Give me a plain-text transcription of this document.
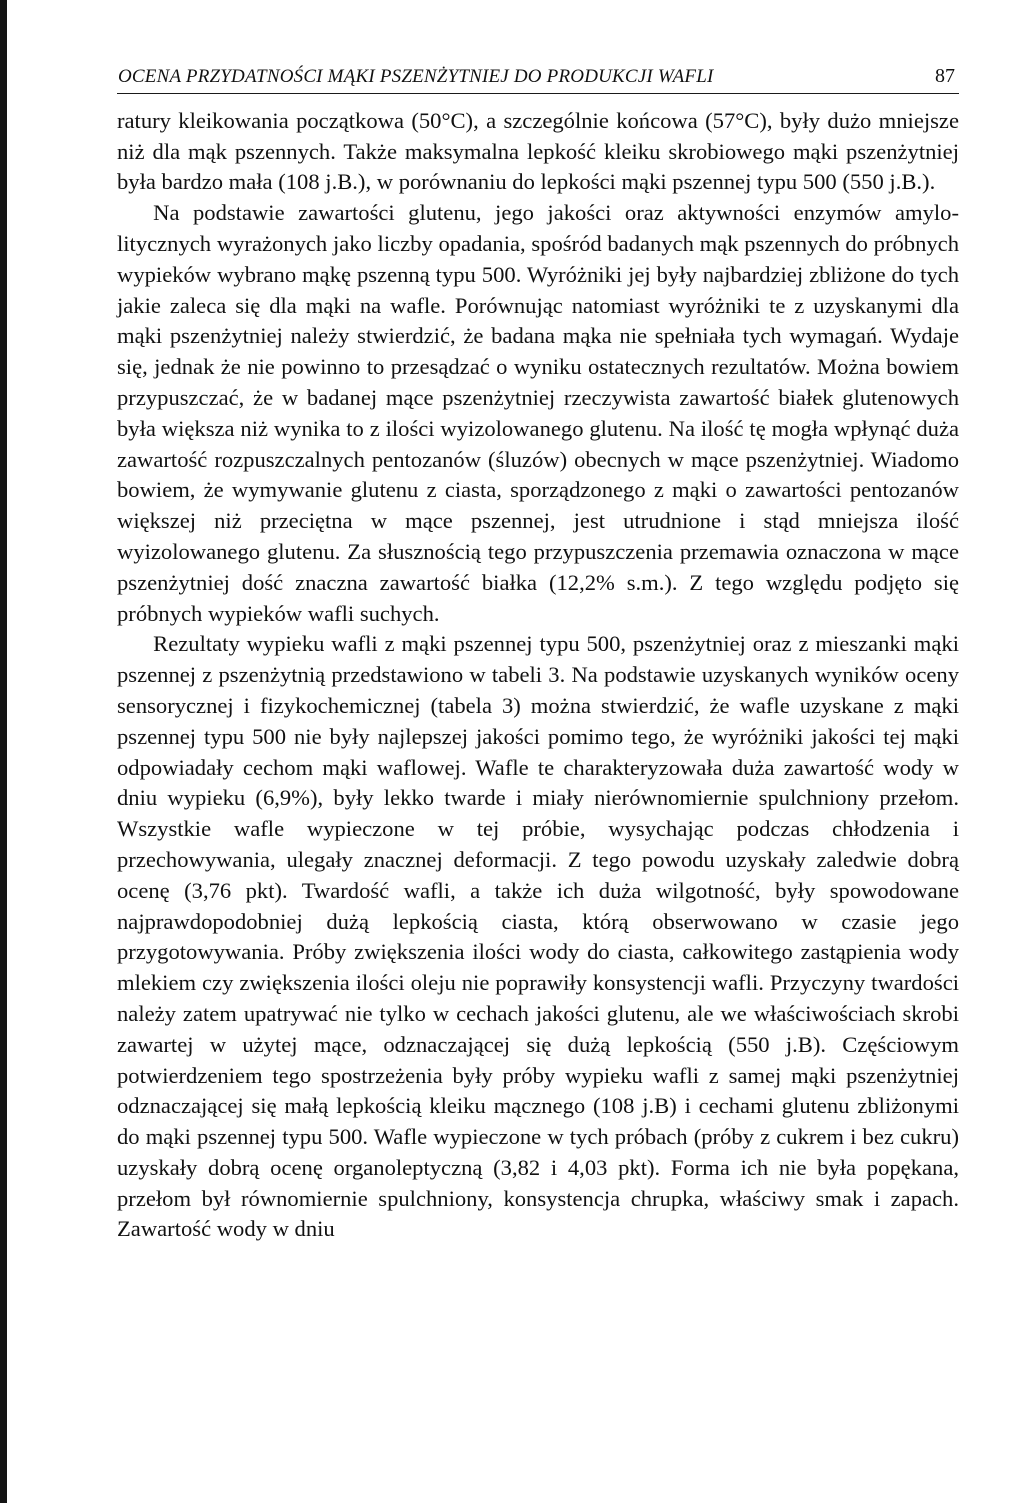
OCENA PRZYDATNOŚCI MĄKI PSZENŻYTNIEJ DO PRODUKCJI WAFLI	87

ratury kleikowania początkowa (50°C), a szczególnie końcowa (57°C), były dużo mniejsze niż dla mąk pszennych. Także maksymalna lepkość kleiku skrobiowego mąki pszenżytniej była bardzo mała (108 j.B.), w porównaniu do lepkości mąki pszennej typu 500 (550 j.B.).

Na podstawie zawartości glutenu, jego jakości oraz aktywności enzymów amylolitycznych wyrażonych jako liczby opadania, spośród badanych mąk pszennych do próbnych wypieków wybrano mąkę pszenną typu 500. Wyróżniki jej były najbardziej zbliżone do tych jakie zaleca się dla mąki na wafle. Porównując natomiast wyróżniki te z uzyskanymi dla mąki pszenżytniej należy stwierdzić, że badana mąka nie spełniała tych wymagań. Wydaje się, jednak że nie powinno to przesądzać o wyniku ostatecznych rezultatów. Można bowiem przypuszczać, że w badanej mące pszenżytniej rzeczywista zawartość białek glutenowych była większa niż wynika to z ilości wyizolowanego glutenu. Na ilość tę mogła wpłynąć duża zawartość rozpuszczalnych pentozanów (śluzów) obecnych w mące pszenżytniej. Wiadomo bowiem, że wymywanie glutenu z ciasta, sporządzonego z mąki o zawartości pentozanów większej niż przeciętna w mące pszennej, jest utrudnione i stąd mniejsza ilość wyizolowanego glutenu. Za słusznością tego przypuszczenia przemawia oznaczona w mące pszenżytniej dość znaczna zawartość białka (12,2% s.m.). Z tego względu podjęto się próbnych wypieków wafli suchych.

Rezultaty wypieku wafli z mąki pszennej typu 500, pszenżytniej oraz z mieszanki mąki pszennej z pszenżytnią przedstawiono w tabeli 3. Na podstawie uzyskanych wyników oceny sensorycznej i fizykochemicznej (tabela 3) można stwierdzić, że wafle uzyskane z mąki pszennej typu 500 nie były najlepszej jakości pomimo tego, że wyróżniki jakości tej mąki odpowiadały cechom mąki waflowej. Wafle te charakteryzowała duża zawartość wody w dniu wypieku (6,9%), były lekko twarde i miały nierównomiernie spulchniony przełom. Wszystkie wafle wypieczone w tej próbie, wysychając podczas chłodzenia i przechowywania, ulegały znacznej deformacji. Z tego powodu uzyskały zaledwie dobrą ocenę (3,76 pkt). Twardość wafli, a także ich duża wilgotność, były spowodowane najprawdopodobniej dużą lepkością ciasta, którą obserwowano w czasie jego przygotowywania. Próby zwiększenia ilości wody do ciasta, całkowitego zastąpienia wody mlekiem czy zwiększenia ilości oleju nie poprawiły konsystencji wafli. Przyczyny twardości należy zatem upatrywać nie tylko w cechach jakości glutenu, ale we właściwościach skrobi zawartej w użytej mące, odznaczającej się dużą lepkością (550 j.B). Częściowym potwierdzeniem tego spostrzeżenia były próby wypieku wafli z samej mąki pszenżytniej odznaczającej się małą lepkością kleiku mącznego (108 j.B) i cechami glutenu zbliżonymi do mąki pszennej typu 500. Wafle wypieczone w tych próbach (próby z cukrem i bez cukru) uzyskały dobrą ocenę organoleptyczną (3,82 i 4,03 pkt). Forma ich nie była popękana, przełom był równomiernie spulchniony, konsystencja chrupka, właściwy smak i zapach. Zawartość wody w dniu
